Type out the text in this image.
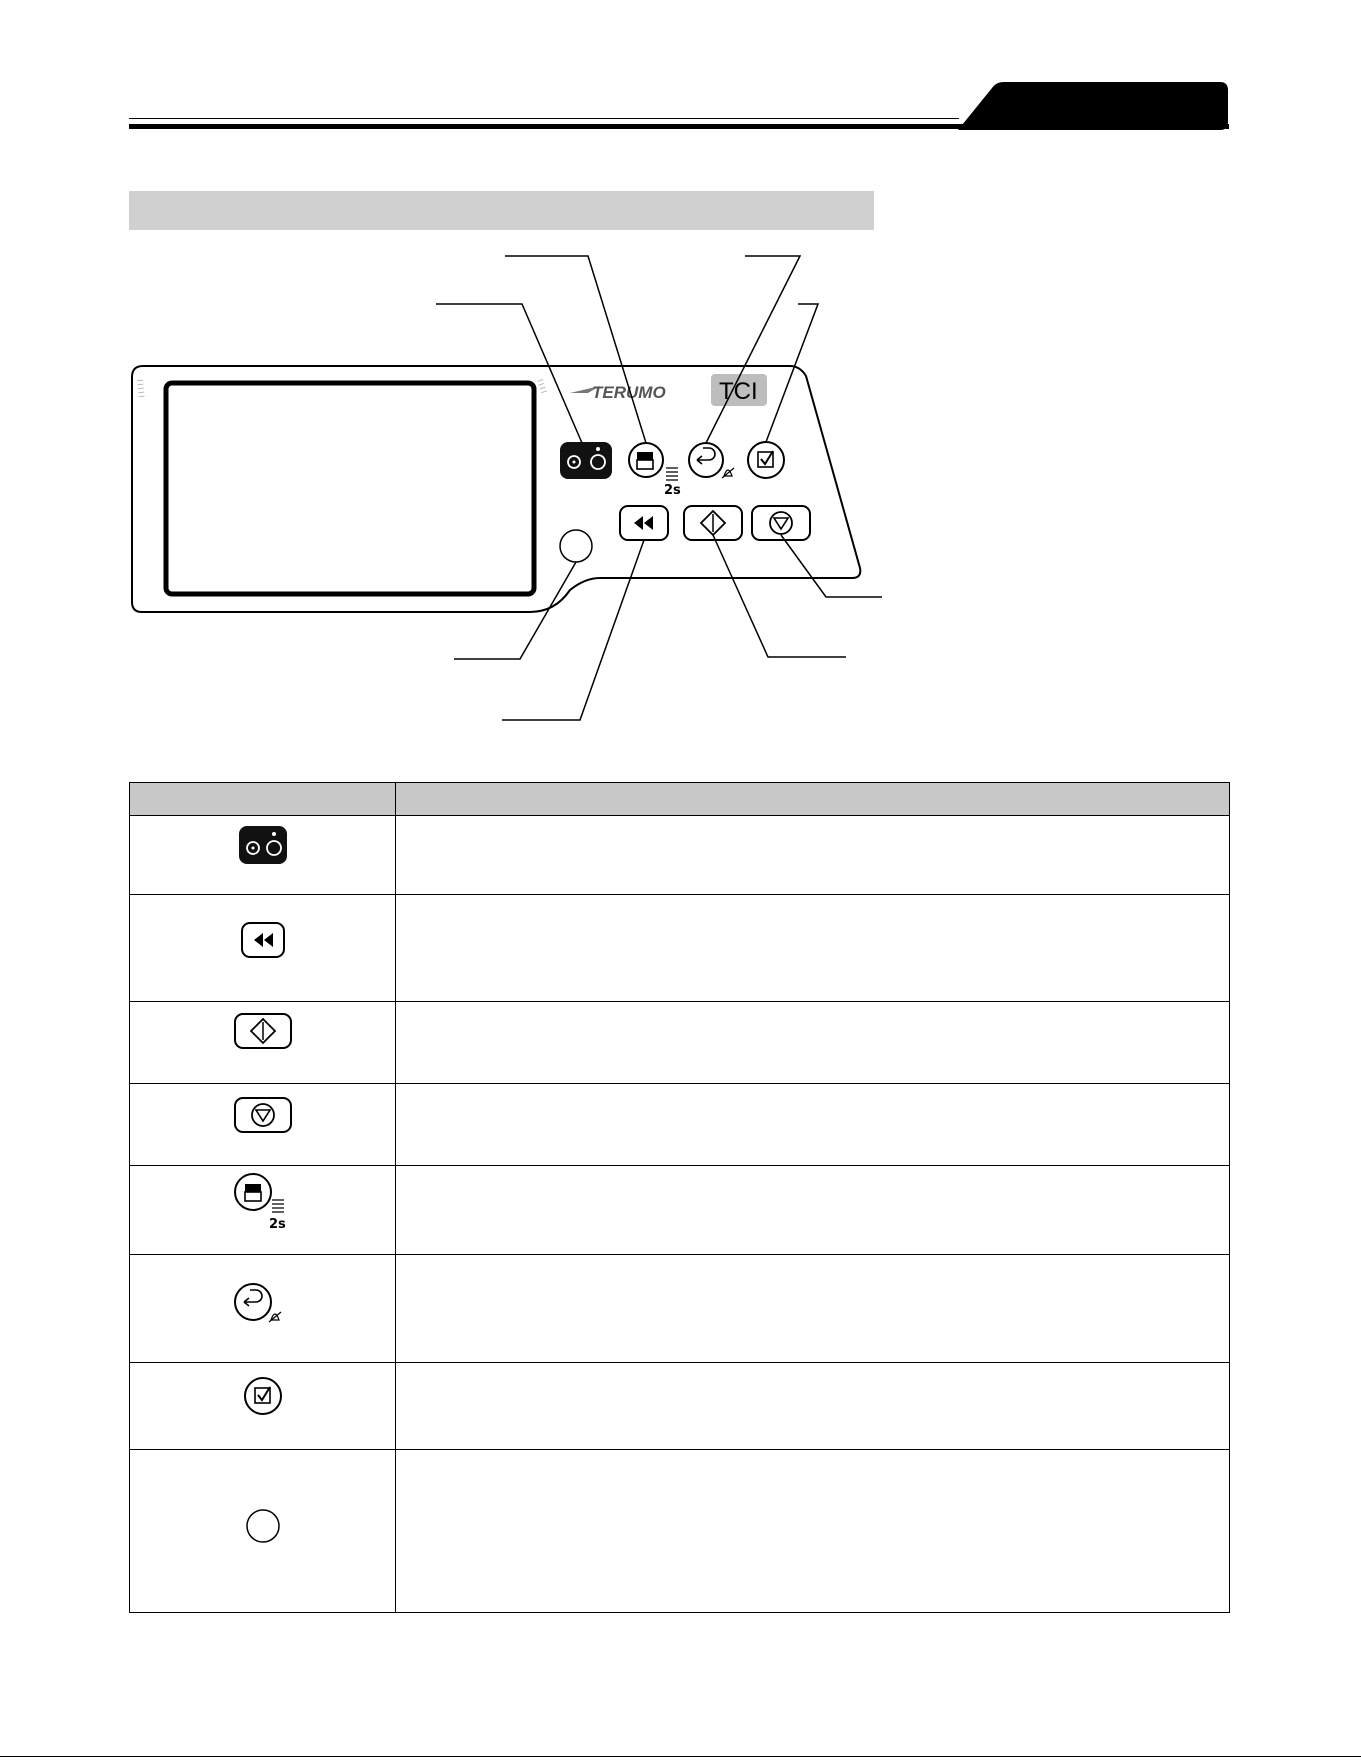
TERUMO TCI
2s

2s	
